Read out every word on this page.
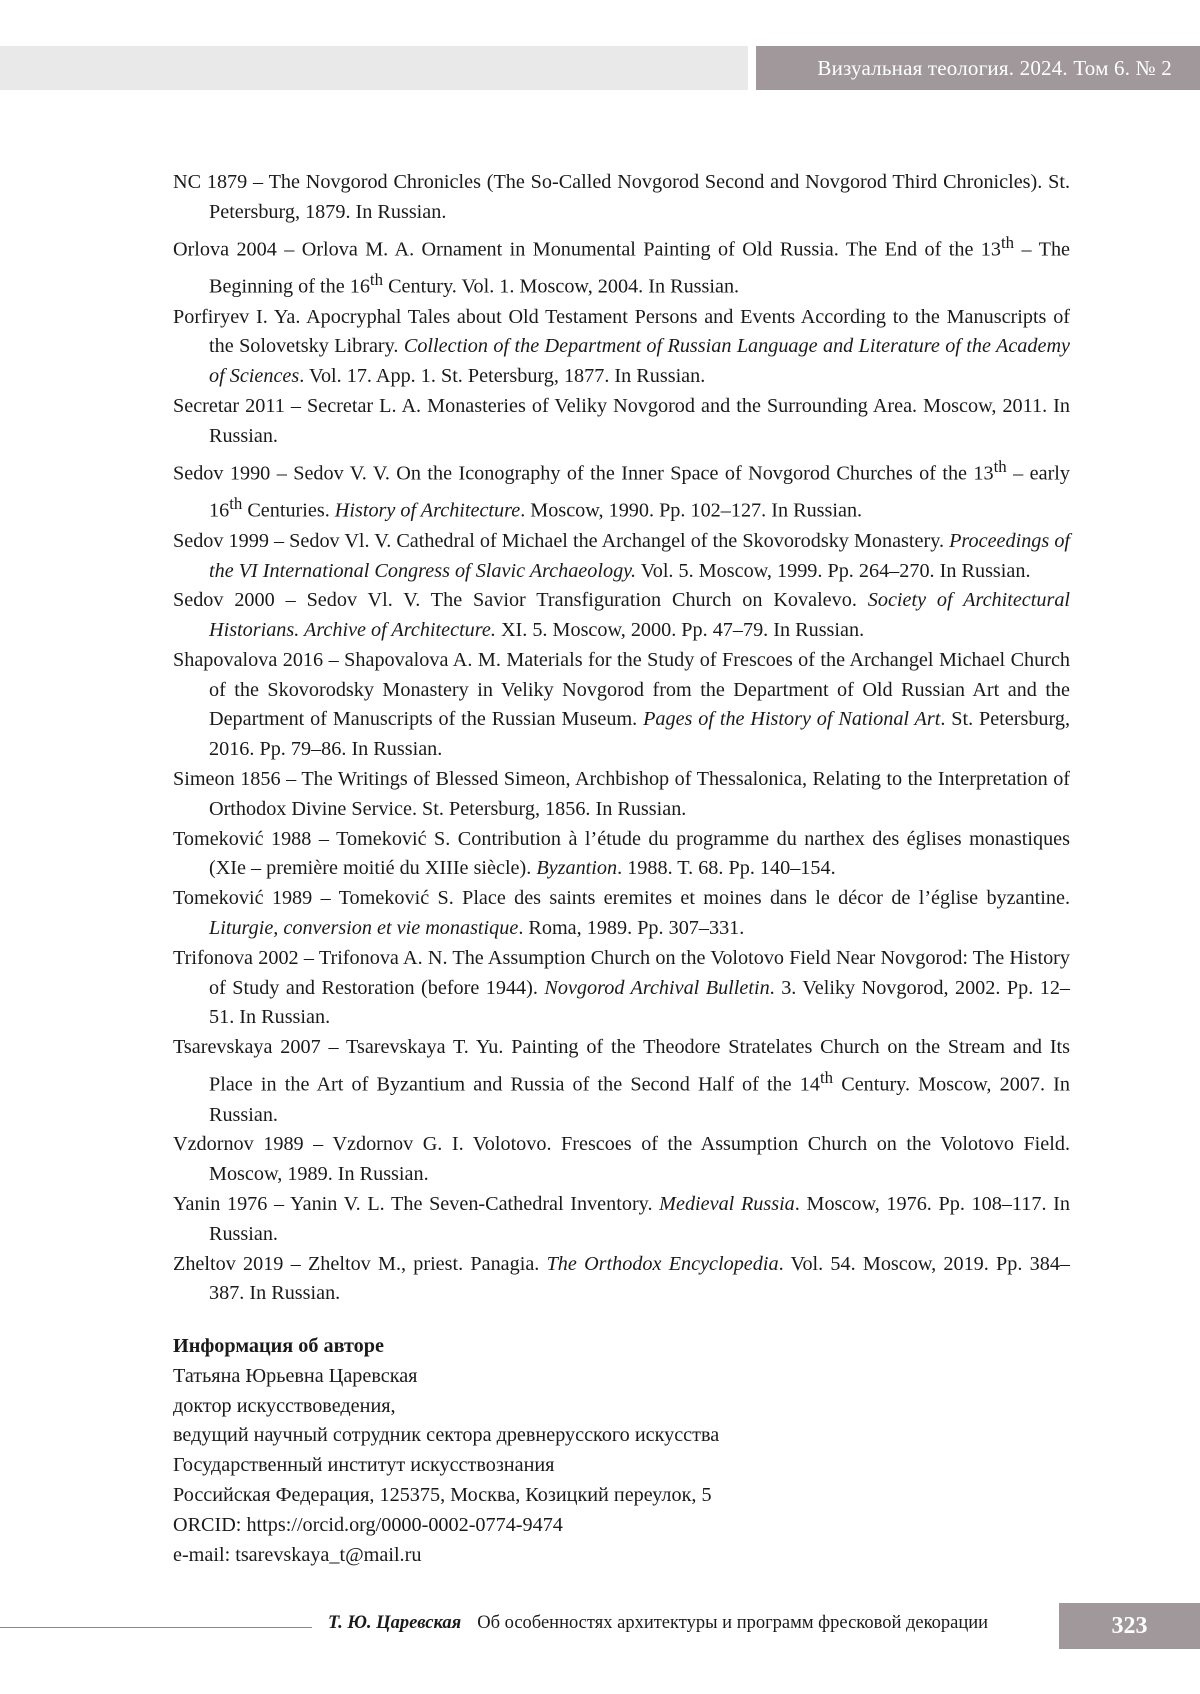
Визуальная теология. 2024. Том 6. № 2

NC 1879 – The Novgorod Chronicles (The So-Called Novgorod Second and Novgorod Third Chronicles). St. Petersburg, 1879. In Russian.

Orlova 2004 – Orlova M. A. Ornament in Monumental Painting of Old Russia. The End of the 13th – The Beginning of the 16th Century. Vol. 1. Moscow, 2004. In Russian.

Porfiryev I. Ya. Apocryphal Tales about Old Testament Persons and Events According to the Manuscripts of the Solovetsky Library. Collection of the Department of Russian Language and Literature of the Academy of Sciences. Vol. 17. App. 1. St. Petersburg, 1877. In Russian.

Secretar 2011 – Secretar L. A. Monasteries of Veliky Novgorod and the Surrounding Area. Moscow, 2011. In Russian.

Sedov 1990 – Sedov V. V. On the Iconography of the Inner Space of Novgorod Churches of the 13th – early 16th Centuries. History of Architecture. Moscow, 1990. Pp. 102–127. In Russian.

Sedov 1999 – Sedov Vl. V. Cathedral of Michael the Archangel of the Skovorodsky Monastery. Proceedings of the VI International Congress of Slavic Archaeology. Vol. 5. Moscow, 1999. Pp. 264–270. In Russian.

Sedov 2000 – Sedov Vl. V. The Savior Transfiguration Church on Kovalevo. Society of Architectural Historians. Archive of Architecture. XI. 5. Moscow, 2000. Pp. 47–79. In Russian.

Shapovalova 2016 – Shapovalova A. M. Materials for the Study of Frescoes of the Archangel Michael Church of the Skovorodsky Monastery in Veliky Novgorod from the Department of Old Russian Art and the Department of Manuscripts of the Russian Museum. Pages of the History of National Art. St. Petersburg, 2016. Pp. 79–86. In Russian.

Simeon 1856 – The Writings of Blessed Simeon, Archbishop of Thessalonica, Relating to the Interpretation of Orthodox Divine Service. St. Petersburg, 1856. In Russian.

Tomeković 1988 – Tomeković S. Contribution à l’étude du programme du narthex des églises monastiques (XIe – première moitié du XIIIe siècle). Byzantion. 1988. T. 68. Pp. 140–154.

Tomeković 1989 – Tomeković S. Place des saints eremites et moines dans le décor de l’église byzantine. Liturgie, conversion et vie monastique. Roma, 1989. Pp. 307–331.

Trifonova 2002 – Trifonova A. N. The Assumption Church on the Volotovo Field Near Novgorod: The History of Study and Restoration (before 1944). Novgorod Archival Bulletin. 3. Veliky Novgorod, 2002. Pp. 12–51. In Russian.

Tsarevskaya 2007 – Tsarevskaya T. Yu. Painting of the Theodore Stratelates Church on the Stream and Its Place in the Art of Byzantium and Russia of the Second Half of the 14th Century. Moscow, 2007. In Russian.

Vzdornov 1989 – Vzdornov G. I. Volotovo. Frescoes of the Assumption Church on the Volotovo Field. Moscow, 1989. In Russian.

Yanin 1976 – Yanin V. L. The Seven-Cathedral Inventory. Medieval Russia. Moscow, 1976. Pp. 108–117. In Russian.

Zheltov 2019 – Zheltov M., priest. Panagia. The Orthodox Encyclopedia. Vol. 54. Moscow, 2019. Pp. 384–387. In Russian.

Информация об авторе

Татьяна Юрьевна Царевская

доктор искусствоведения,

ведущий научный сотрудник сектора древнерусского искусства

Государственный институт искусствознания

Российская Федерация, 125375, Москва, Козицкий переулок, 5

ORCID: https://orcid.org/0000-0002-0774-9474

e-mail: tsarevskaya_t@mail.ru

Т. Ю. Царевская Об особенностях архитектуры и программ фресковой декорации	323
